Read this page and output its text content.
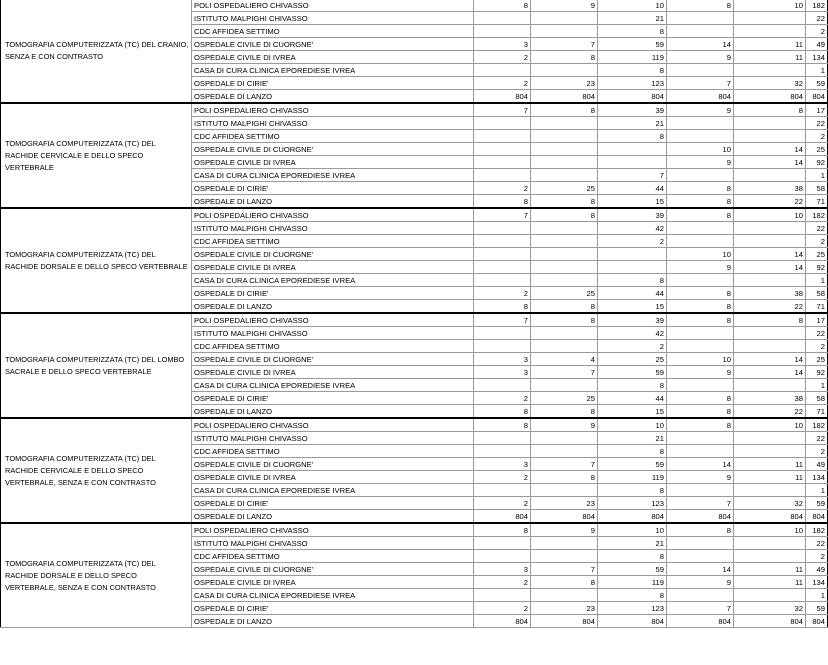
TOMOGRAFIA COMPUTERIZZATA (TC) DEL CRANIO, SENZA E CON CONTRASTO	POLI OSPEDALIERO CHIVASSO	8	9	10	8	10	182
	ISTITUTO MALPIGHI CHIVASSO			21			22
	CDC AFFIDEA SETTIMO			8			2
	OSPEDALE CIVILE DI CUORGNE'	3	7	59	14	11	49
	OSPEDALE CIVILE DI IVREA	2	8	119	9	11	134
	CASA DI CURA CLINICA EPOREDIESE IVREA			8			1
	OSPEDALE DI CIRIE'	2	23	123	7	32	59
	OSPEDALE DI LANZO	804	804	804	804	804	804
TOMOGRAFIA COMPUTERIZZATA (TC) DEL RACHIDE CERVICALE E DELLO SPECO VERTEBRALE	POLI OSPEDALIERO CHIVASSO	7	8	39	9	8	17
	ISTITUTO MALPIGHI CHIVASSO			21			22
	CDC AFFIDEA SETTIMO			8			2
	OSPEDALE CIVILE DI CUORGNE'				10	14	25
	OSPEDALE CIVILE DI IVREA				9	14	92
	CASA DI CURA CLINICA EPOREDIESE IVREA			7			1
	OSPEDALE DI CIRIE'	2	25	44	8	38	58
	OSPEDALE DI LANZO	8	8	15	8	22	71
TOMOGRAFIA COMPUTERIZZATA (TC) DEL RACHIDE DORSALE E DELLO SPECO VERTEBRALE	POLI OSPEDALIERO CHIVASSO	7	8	39	8	10	182
	ISTITUTO MALPIGHI CHIVASSO			42			22
	CDC AFFIDEA SETTIMO			2			2
	OSPEDALE CIVILE DI CUORGNE'				10	14	25
	OSPEDALE CIVILE DI IVREA				9	14	92
	CASA DI CURA CLINICA EPOREDIESE IVREA			8			1
	OSPEDALE DI CIRIE'	2	25	44	8	38	58
	OSPEDALE DI LANZO	8	8	15	8	22	71
TOMOGRAFIA COMPUTERIZZATA (TC) DEL LOMBO SACRALE E DELLO SPECO VERTEBRALE	POLI OSPEDALIERO CHIVASSO	7	8	39	8	8	17
	ISTITUTO MALPIGHI CHIVASSO			42			22
	CDC AFFIDEA SETTIMO			2			2
	OSPEDALE CIVILE DI CUORGNE'	3	4	25	10	14	25
	OSPEDALE CIVILE DI IVREA	3	7	59	9	14	92
	CASA DI CURA CLINICA EPOREDIESE IVREA			8			1
	OSPEDALE DI CIRIE'	2	25	44	8	38	58
	OSPEDALE DI LANZO	8	8	15	8	22	71
TOMOGRAFIA COMPUTERIZZATA (TC) DEL RACHIDE CERVICALE E DELLO SPECO VERTEBRALE, SENZA E CON CONTRASTO	POLI OSPEDALIERO CHIVASSO	8	9	10	8	10	182
	ISTITUTO MALPIGHI CHIVASSO			21			22
	CDC AFFIDEA SETTIMO			8			2
	OSPEDALE CIVILE DI CUORGNE'	3	7	59	14	11	49
	OSPEDALE CIVILE DI IVREA	2	8	119	9	11	134
	CASA DI CURA CLINICA EPOREDIESE IVREA			8			1
	OSPEDALE DI CIRIE'	2	23	123	7	32	59
	OSPEDALE DI LANZO	804	804	804	804	804	804
TOMOGRAFIA COMPUTERIZZATA (TC) DEL RACHIDE DORSALE E DELLO SPECO VERTEBRALE, SENZA E CON CONTRASTO	POLI OSPEDALIERO CHIVASSO	8	9	10	8	10	182
	ISTITUTO MALPIGHI CHIVASSO			21			22
	CDC AFFIDEA SETTIMO			8			2
	OSPEDALE CIVILE DI CUORGNE'	3	7	59	14	11	49
	OSPEDALE CIVILE DI IVREA	2	8	119	9	11	134
	CASA DI CURA CLINICA EPOREDIESE IVREA			8			1
	OSPEDALE DI CIRIE'	2	23	123	7	32	59
	OSPEDALE DI LANZO	804	804	804	804	804	804
